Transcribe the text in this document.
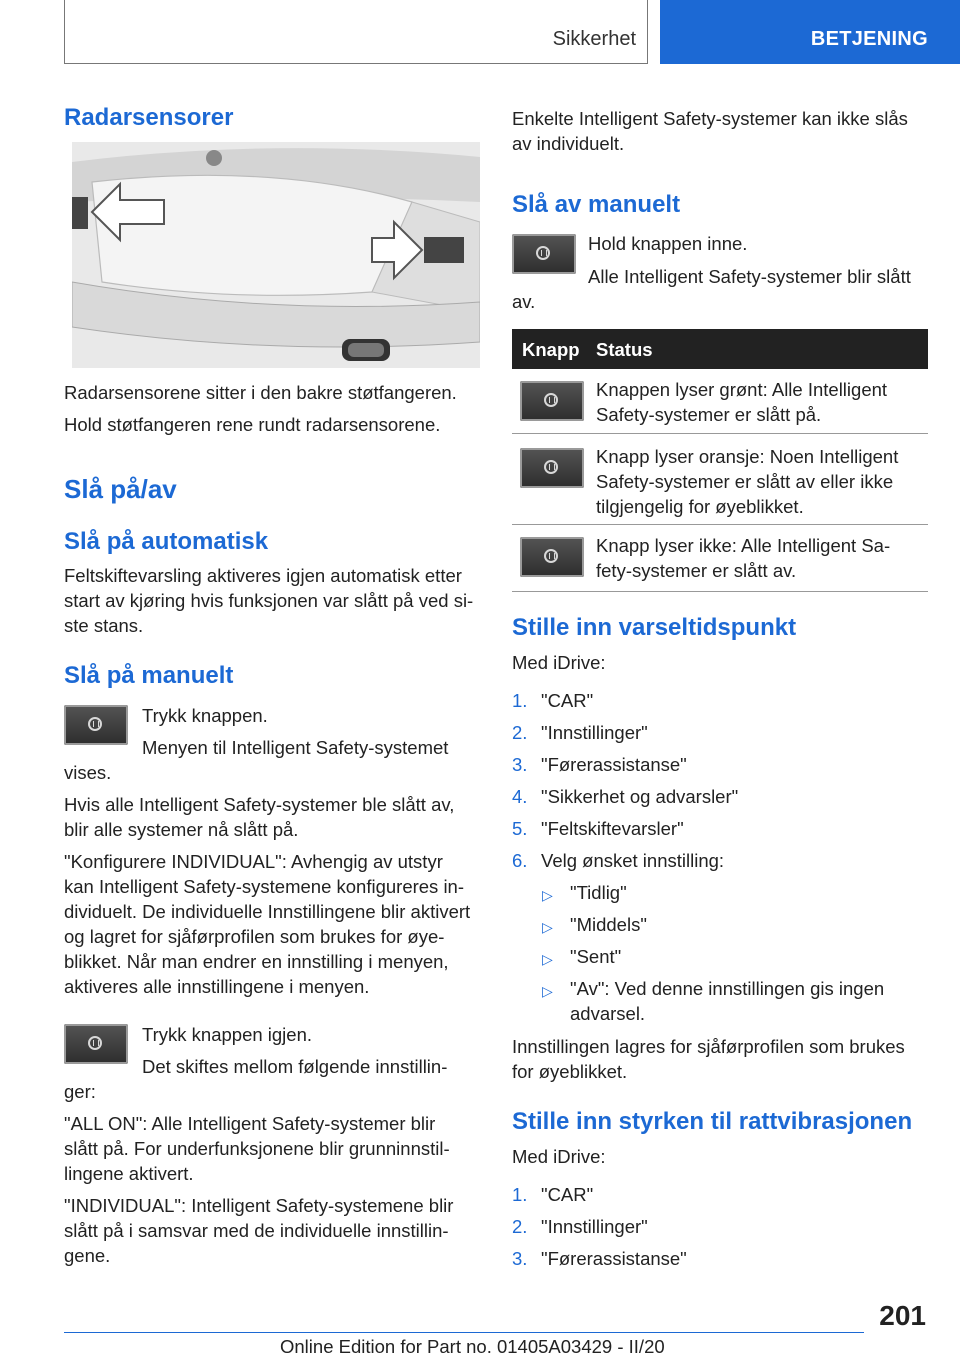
Sikkerhet	BETJENING
Radarsensorer
Radarsensorene sitter i den bakre støtfangeren.
Hold støtfangeren rene rundt radarsensorene.
Slå på/av
Slå på automatisk
Feltskiftevarsling aktiveres igjen automatisk etter
start av kjøring hvis funksjonen var slått på ved si-
ste stans.
Slå på manuelt
Trykk knappen.
Menyen til Intelligent Safety-systemet
vises.
Hvis alle Intelligent Safety-systemer ble slått av,
blir alle systemer nå slått på.
"Konfigurere INDIVIDUAL": Avhengig av utstyr
kan Intelligent Safety-systemene konfigureres in-
dividuelt. De individuelle Innstillingene blir aktivert
og lagret for sjåførprofilen som brukes for øye-
blikket. Når man endrer en innstilling i menyen,
aktiveres alle innstillingene i menyen.
Trykk knappen igjen.
Det skiftes mellom følgende innstillin-
ger:
"ALL ON": Alle Intelligent Safety-systemer blir
slått på. For underfunksjonene blir grunninnstil-
lingene aktivert.
"INDIVIDUAL": Intelligent Safety-systemene blir
slått på i samsvar med de individuelle innstillin-
gene.
Enkelte Intelligent Safety-systemer kan ikke slås
av individuelt.
Slå av manuelt
Hold knappen inne.
Alle Intelligent Safety-systemer blir slått
av.
Knapp Status
Knappen lyser grønt: Alle Intelligent
Safety-systemer er slått på.
Knapp lyser oransje: Noen Intelligent
Safety-systemer er slått av eller ikke
tilgjengelig for øyeblikket.
Knapp lyser ikke: Alle Intelligent Sa-
fety-systemer er slått av.
Stille inn varseltidspunkt
Med iDrive:
1. "CAR"
2. "Innstillinger"
3. "Førerassistanse"
4. "Sikkerhet og advarsler"
5. "Feltskiftevarsler"
6. Velg ønsket innstilling:
▷ "Tidlig"
▷ "Middels"
▷ "Sent"
▷ "Av": Ved denne innstillingen gis ingen
advarsel.
Innstillingen lagres for sjåførprofilen som brukes
for øyeblikket.
Stille inn styrken til rattvibrasjonen
Med iDrive:
1. "CAR"
2. "Innstillinger"
3. "Førerassistanse"
201
Online Edition for Part no. 01405A03429 - II/20
